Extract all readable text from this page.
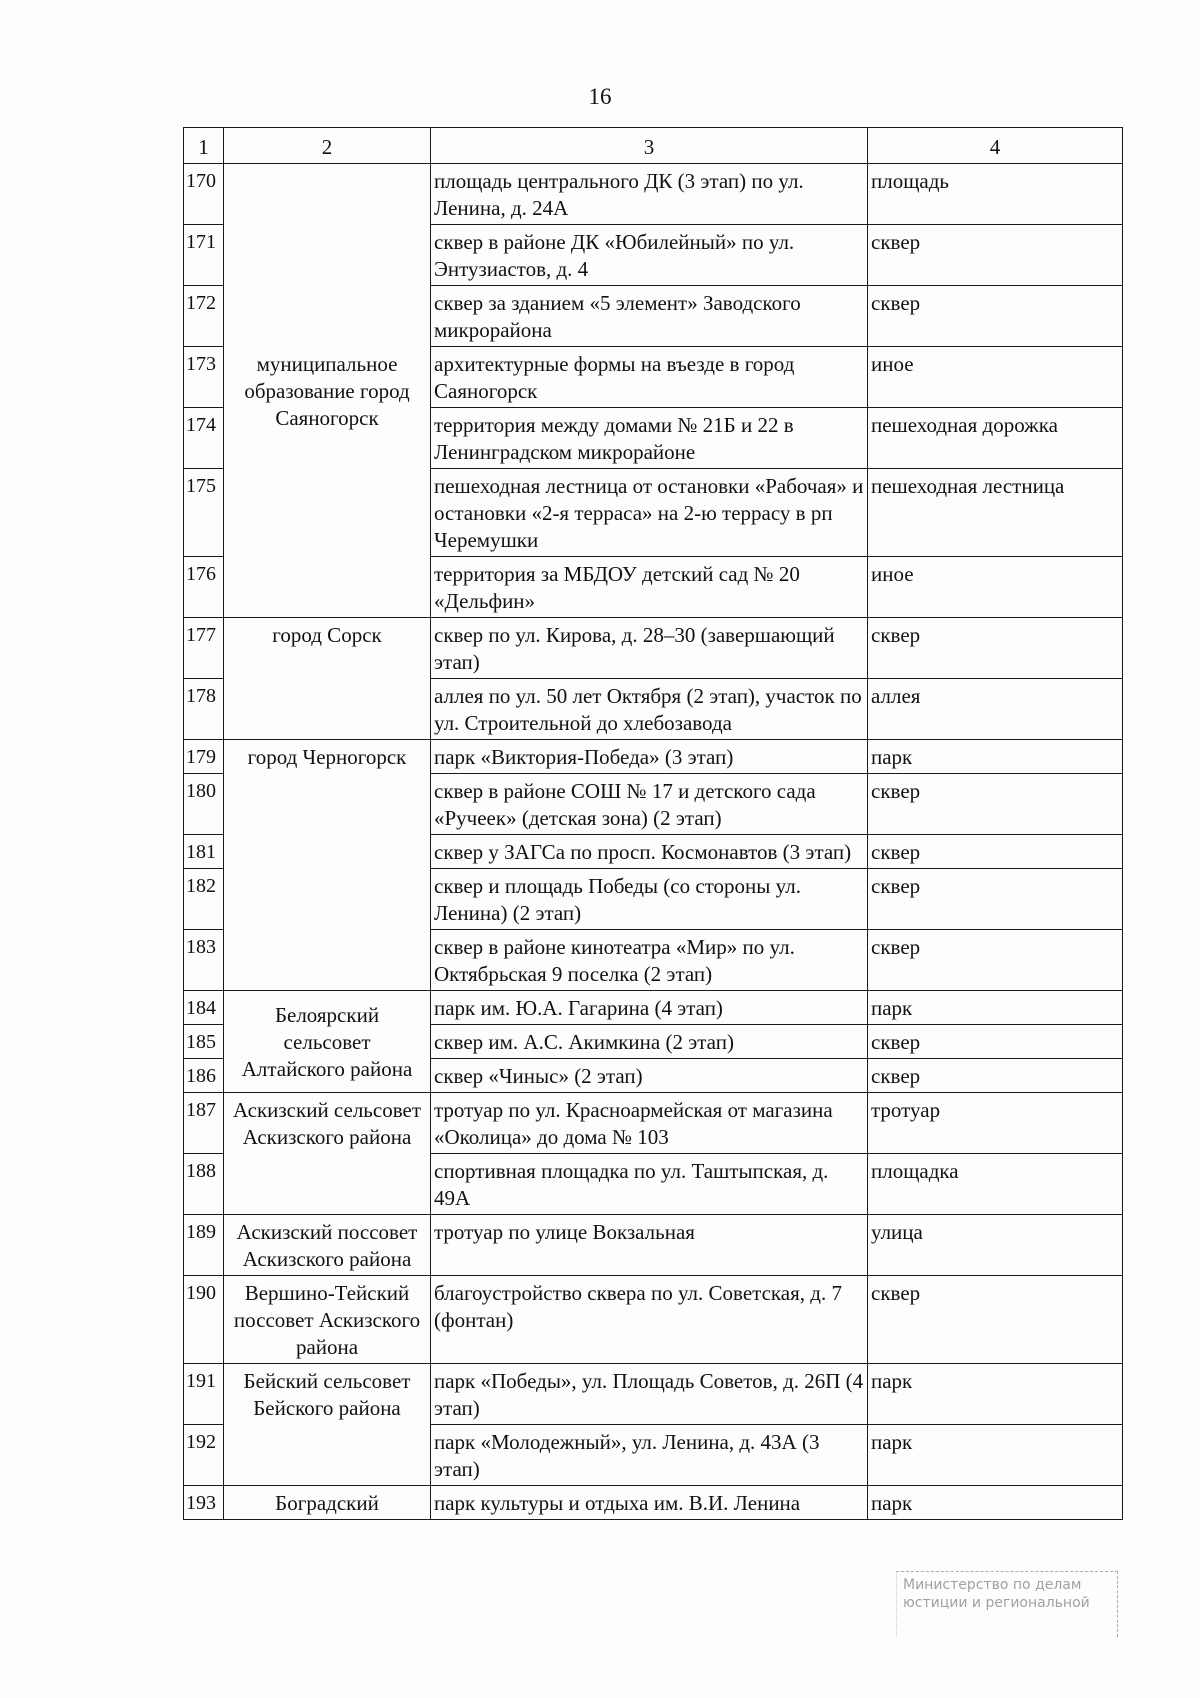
16
1	2	3	4
170	муниципальное образование город Саяногорск	площадь центрального ДК (3 этап) по ул. Ленина, д. 24А	площадь
171		сквер в районе ДК «Юбилейный» по ул. Энтузиастов, д. 4	сквер
172		сквер за зданием «5 элемент» Заводского микрорайона	сквер
173		архитектурные формы на въезде в город Саяногорск	иное
174		территория между домами № 21Б и 22 в Ленинградском микрорайоне	пешеходная дорожка
175		пешеходная лестница от остановки «Рабочая» и остановки «2-я терраса» на 2-ю террасу в рп Черемушки	пешеходная лестница
176		территория за МБДОУ детский сад № 20 «Дельфин»	иное
177	город Сорск	сквер по ул. Кирова, д. 28–30 (завершающий этап)	сквер
178		аллея по ул. 50 лет Октября (2 этап), участок по ул. Строительной до хлебозавода	аллея
179	город Черногорск	парк «Виктория-Победа» (3 этап)	парк
180		сквер в районе СОШ № 17 и детского сада «Ручеек» (детская зона) (2 этап)	сквер
181		сквер у ЗАГСа по просп. Космонавтов (3 этап)	сквер
182		сквер и площадь Победы (со стороны ул. Ленина) (2 этап)	сквер
183		сквер в районе кинотеатра «Мир» по ул. Октябрьская 9 поселка (2 этап)	сквер
184	Белоярский сельсовет Алтайского района	парк им. Ю.А. Гагарина (4 этап)	парк
185		сквер им. А.С. Акимкина (2 этап)	сквер
186		сквер «Чиныс» (2 этап)	сквер
187	Аскизский сельсовет Аскизского района	тротуар по ул. Красноармейская от магазина «Околица» до дома № 103	тротуар
188		спортивная площадка по ул. Таштыпская, д. 49А	площадка
189	Аскизский поссовет Аскизского района	тротуар по улице Вокзальная	улица
190	Вершино-Тейский поссовет Аскизского района	благоустройство сквера по ул. Советская, д. 7 (фонтан)	сквер
191	Бейский сельсовет Бейского района	парк «Победы», ул. Площадь Советов, д. 26П (4 этап)	парк
192		парк «Молодежный», ул. Ленина, д. 43А (3 этап)	парк
193	Боградский	парк культуры и отдыха им. В.И. Ленина	парк
Министерство по делам
юстиции и региональной
